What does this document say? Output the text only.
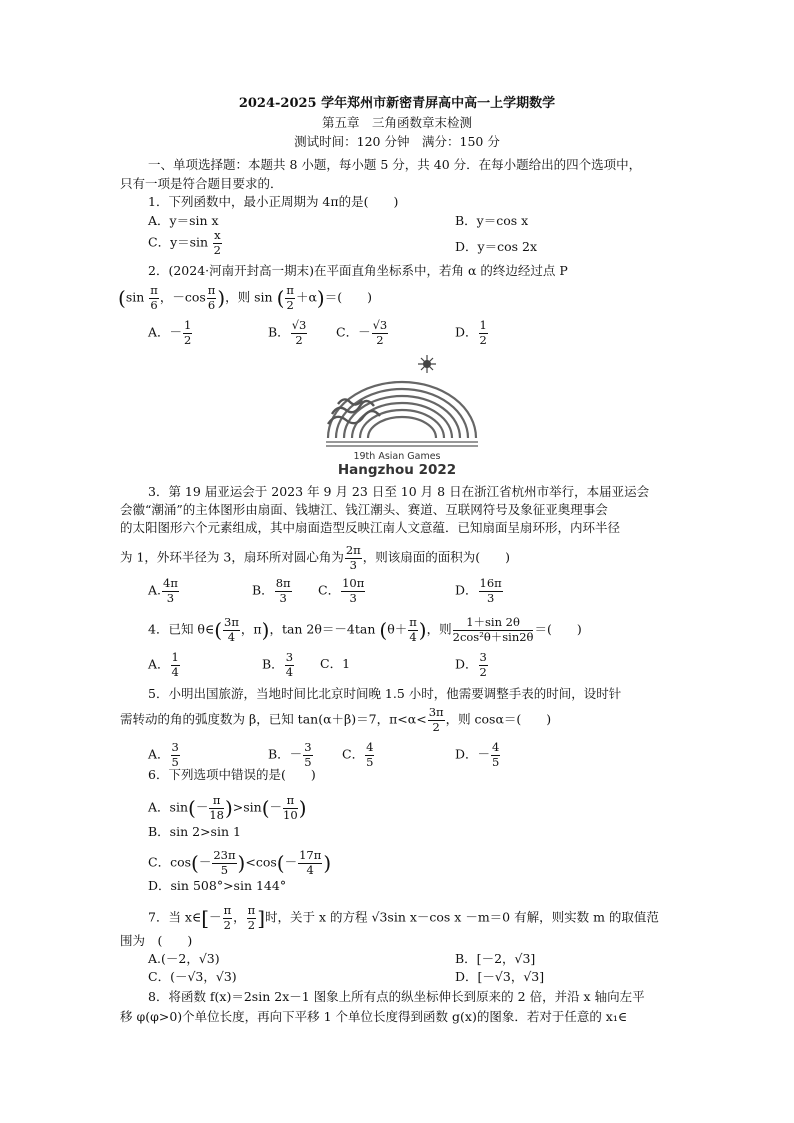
2024-2025 学年郑州市新密青屏高中高一上学期数学
第五章　三角函数章末检测
测试时间：120 分钟　满分：150 分
一、单项选择题：本题共 8 小题，每小题 5 分，共 40 分．在每小题给出的四个选项中，
只有一项是符合题目要求的．
1．下列函数中，最小正周期为 4π的是(　　)
A．y＝sin x	B．y＝cos x
C．$y=\sin \frac{x}{2}$	D．y＝cos 2x
2．(2024·河南开封高一期末)在平面直角坐标系中，若角 α 的终边经过点 P
($\sin \frac{\pi}{6}$ ，$-\cos \frac{\pi}{6}$ )，则 sin ( $\frac{\pi}{2} +\alpha)=$(　　)
A．－ $\frac{1}{2}$	B． $\frac{√3}{2}$ C．－ $\frac{√3}{2}$	D． $\frac{1}{2}$
19th Asian Games
Hangzhou 2022
3．第 19 届亚运会于 2023 年 9 月 23 日至 10 月 8 日在浙江省杭州市举行，本届亚运会
会徽“潮涌”的主体图形由扇面、钱塘江、钱江潮头、赛道、互联网符号及象征亚奥理事会
的太阳图形六个元素组成，其中扇面造型反映江南人文意蕴．已知扇面呈扇环形，内环半径
为 1，外环半径为 3，扇环所对圆心角为 $\frac{2\pi}{3}$ ，则该扇面的面积为(　　)
A. $\frac{4\pi}{3}$	B． $\frac{8\pi}{3}$ C． $\frac{10\pi}{3}$	D． $\frac{16\pi}{3}$
4．已知 θ∈( $\frac{3\pi}{4}$ ，π)，tan 2θ＝－4tan ($\theta+ \frac{\pi}{4}$ )，则 $\frac{1+\sin 2\theta}{\text{2cos²θ＋sin2θ}}$ ＝(　　)
A． $\frac{1}{4}$	B． $\frac{3}{4}$ C．1	D． $\frac{3}{2}$
5．小明出国旅游，当地时间比北京时间晚 1.5 小时，他需要调整手表的时间，设时针
需转动的角的弧度数为 β，已知 tan(α＋β)＝7，$\pi<\alpha< \frac{3\pi}{2}$ ，则 cosα＝(　　)
A． $\frac{3}{5}$	B．－ $\frac{3}{5}$ C． $\frac{4}{5}$	D．－ $\frac{4}{5}$
6．下列选项中错误的是(　　)
A．$\sin(- \frac{\pi}{18} )>\sin(- \frac{\pi}{10}$ )
B．sin 2>sin 1
C．$\cos(- \frac{23\pi}{5} )<\cos(- \frac{17\pi}{4}$ )
D．sin 508°>sin 144°
7．当 x∈[－ $\frac{\pi}{2}$ ， $\frac{\pi}{2}$ ]时，关于 x 的方程 √3sin x－cos x －m＝0 有解，则实数 m 的取值范
围为　(　　)
A.(－2，√3)	B．[－2，√3]
C．(－√3，√3)	D．[－√3，√3]
8．将函数 f(x)＝2sin 2x－1 图象上所有点的纵坐标伸长到原来的 2 倍，并沿 x 轴向左平
移 φ(φ>0)个单位长度，再向下平移 1 个单位长度得到函数 g(x)的图象．若对于任意的 x₁∈
